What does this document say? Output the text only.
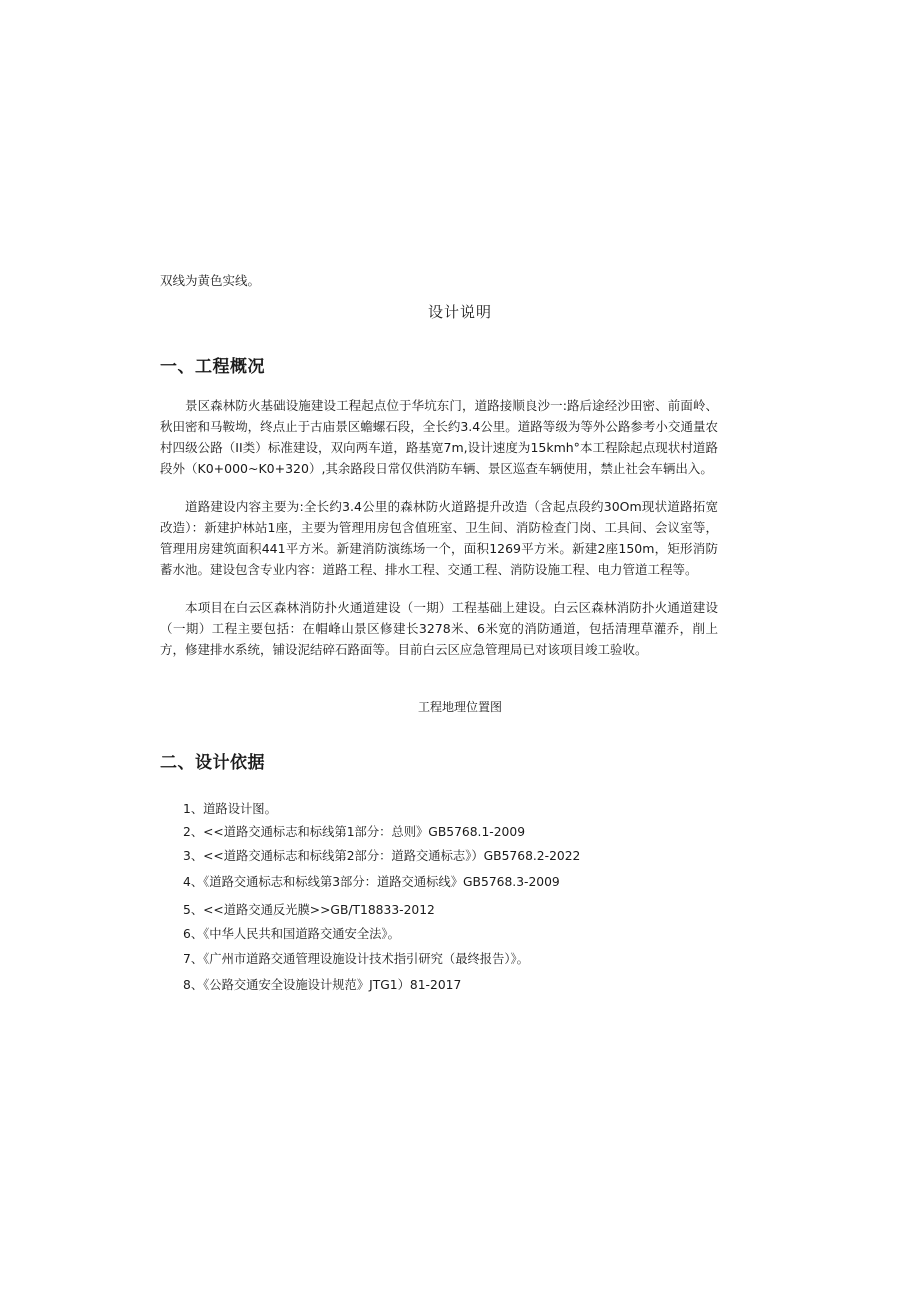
双线为黄色实线。
设计说明
一、工程概况
景区森林防火基础设施建设工程起点位于华坑东门，道路接顺良沙一:路后途经沙田密、前面岭、秋田密和马鞍坳，终点止于古庙景区蟾螺石段，全长约3.4公里。道路等级为等外公路参考小交通量农村四级公路（II类）标准建设，双向两车道，路基宽7m,设计速度为15kmh°本工程除起点现状村道路段外（K0+000~K0+320）,其余路段日常仅供消防车辆、景区巡查车辆使用，禁止社会车辆出入。
道路建设内容主要为:全长约3.4公里的森林防火道路提升改造（含起点段约30Om现状道路拓宽改造）：新建护林站1座，主要为管理用房包含值班室、卫生间、消防检查门岗、工具间、会议室等，管理用房建筑面积441平方米。新建消防演练场一个，面积1269平方米。新建2座150m，矩形消防蓄水池。建设包含专业内容：道路工程、排水工程、交通工程、消防设施工程、电力管道工程等。
本项目在白云区森林消防扑火通道建设（一期）工程基础上建设。白云区森林消防扑火通道建设（一期）工程主要包括：在帽峰山景区修建长3278米、6米宽的消防通道，包括清理草灌乔，削上方，修建排水系统，铺设泥结碎石路面等。目前白云区应急管理局已对该项目竣工验收。
工程地理位置图
二、设计依据
1、道路设计图。
2、<<道路交通标志和标线第1部分：总则》GB5768.1-2009
3、<<道路交通标志和标线第2部分：道路交通标志》）GB5768.2-2022
4、《道路交通标志和标线第3部分：道路交通标线》GB5768.3-2009
5、<<道路交通反光膜>>GB/T18833-2012
6、《中华人民共和国道路交通安全法》。
7、《广州市道路交通管理设施设计技术指引研究（最终报告）》。
8、《公路交通安全设施设计规范》JTG1）81-2017
